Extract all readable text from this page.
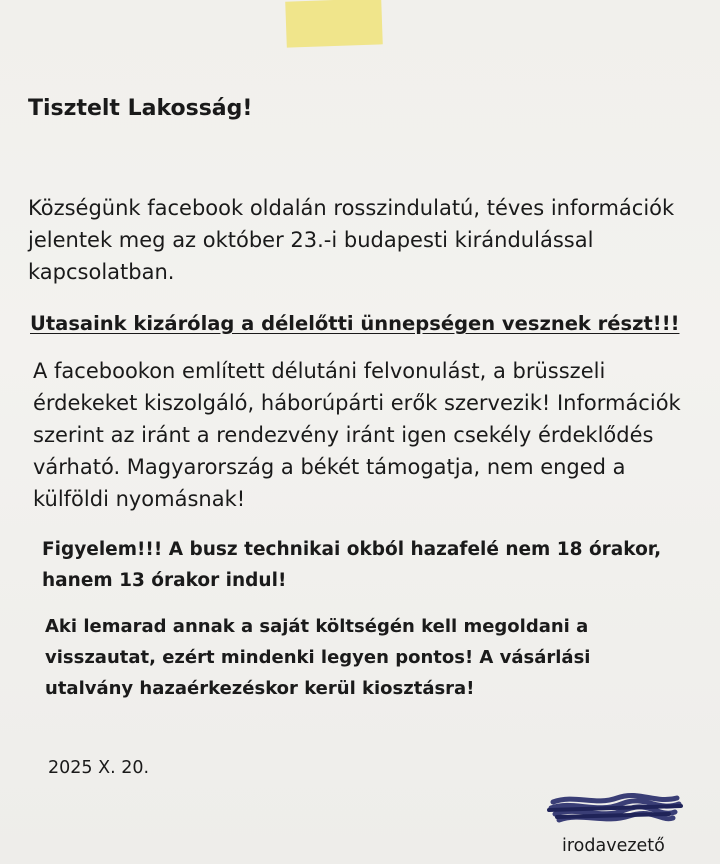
Tisztelt Lakosság!
Községünk facebook oldalán rosszindulatú, téves információk
jelentek meg az október 23.-i budapesti kirándulással
kapcsolatban.
Utasaink kizárólag a délelőtti ünnepségen vesznek részt!!!
A facebookon említett délutáni felvonulást, a brüsszeli
érdekeket kiszolgáló, háborúpárti erők szervezik! Információk
szerint az iránt a rendezvény iránt igen csekély érdeklődés
várható. Magyarország a békét támogatja, nem enged a
külföldi nyomásnak!
Figyelem!!! A busz technikai okból hazafelé nem 18 órakor,
hanem 13 órakor indul!
Aki lemarad annak a saját költségén kell megoldani a
visszautat, ezért mindenki legyen pontos! A vásárlási
utalvány hazaérkezéskor kerül kiosztásra!
2025 X. 20.
irodavezető
